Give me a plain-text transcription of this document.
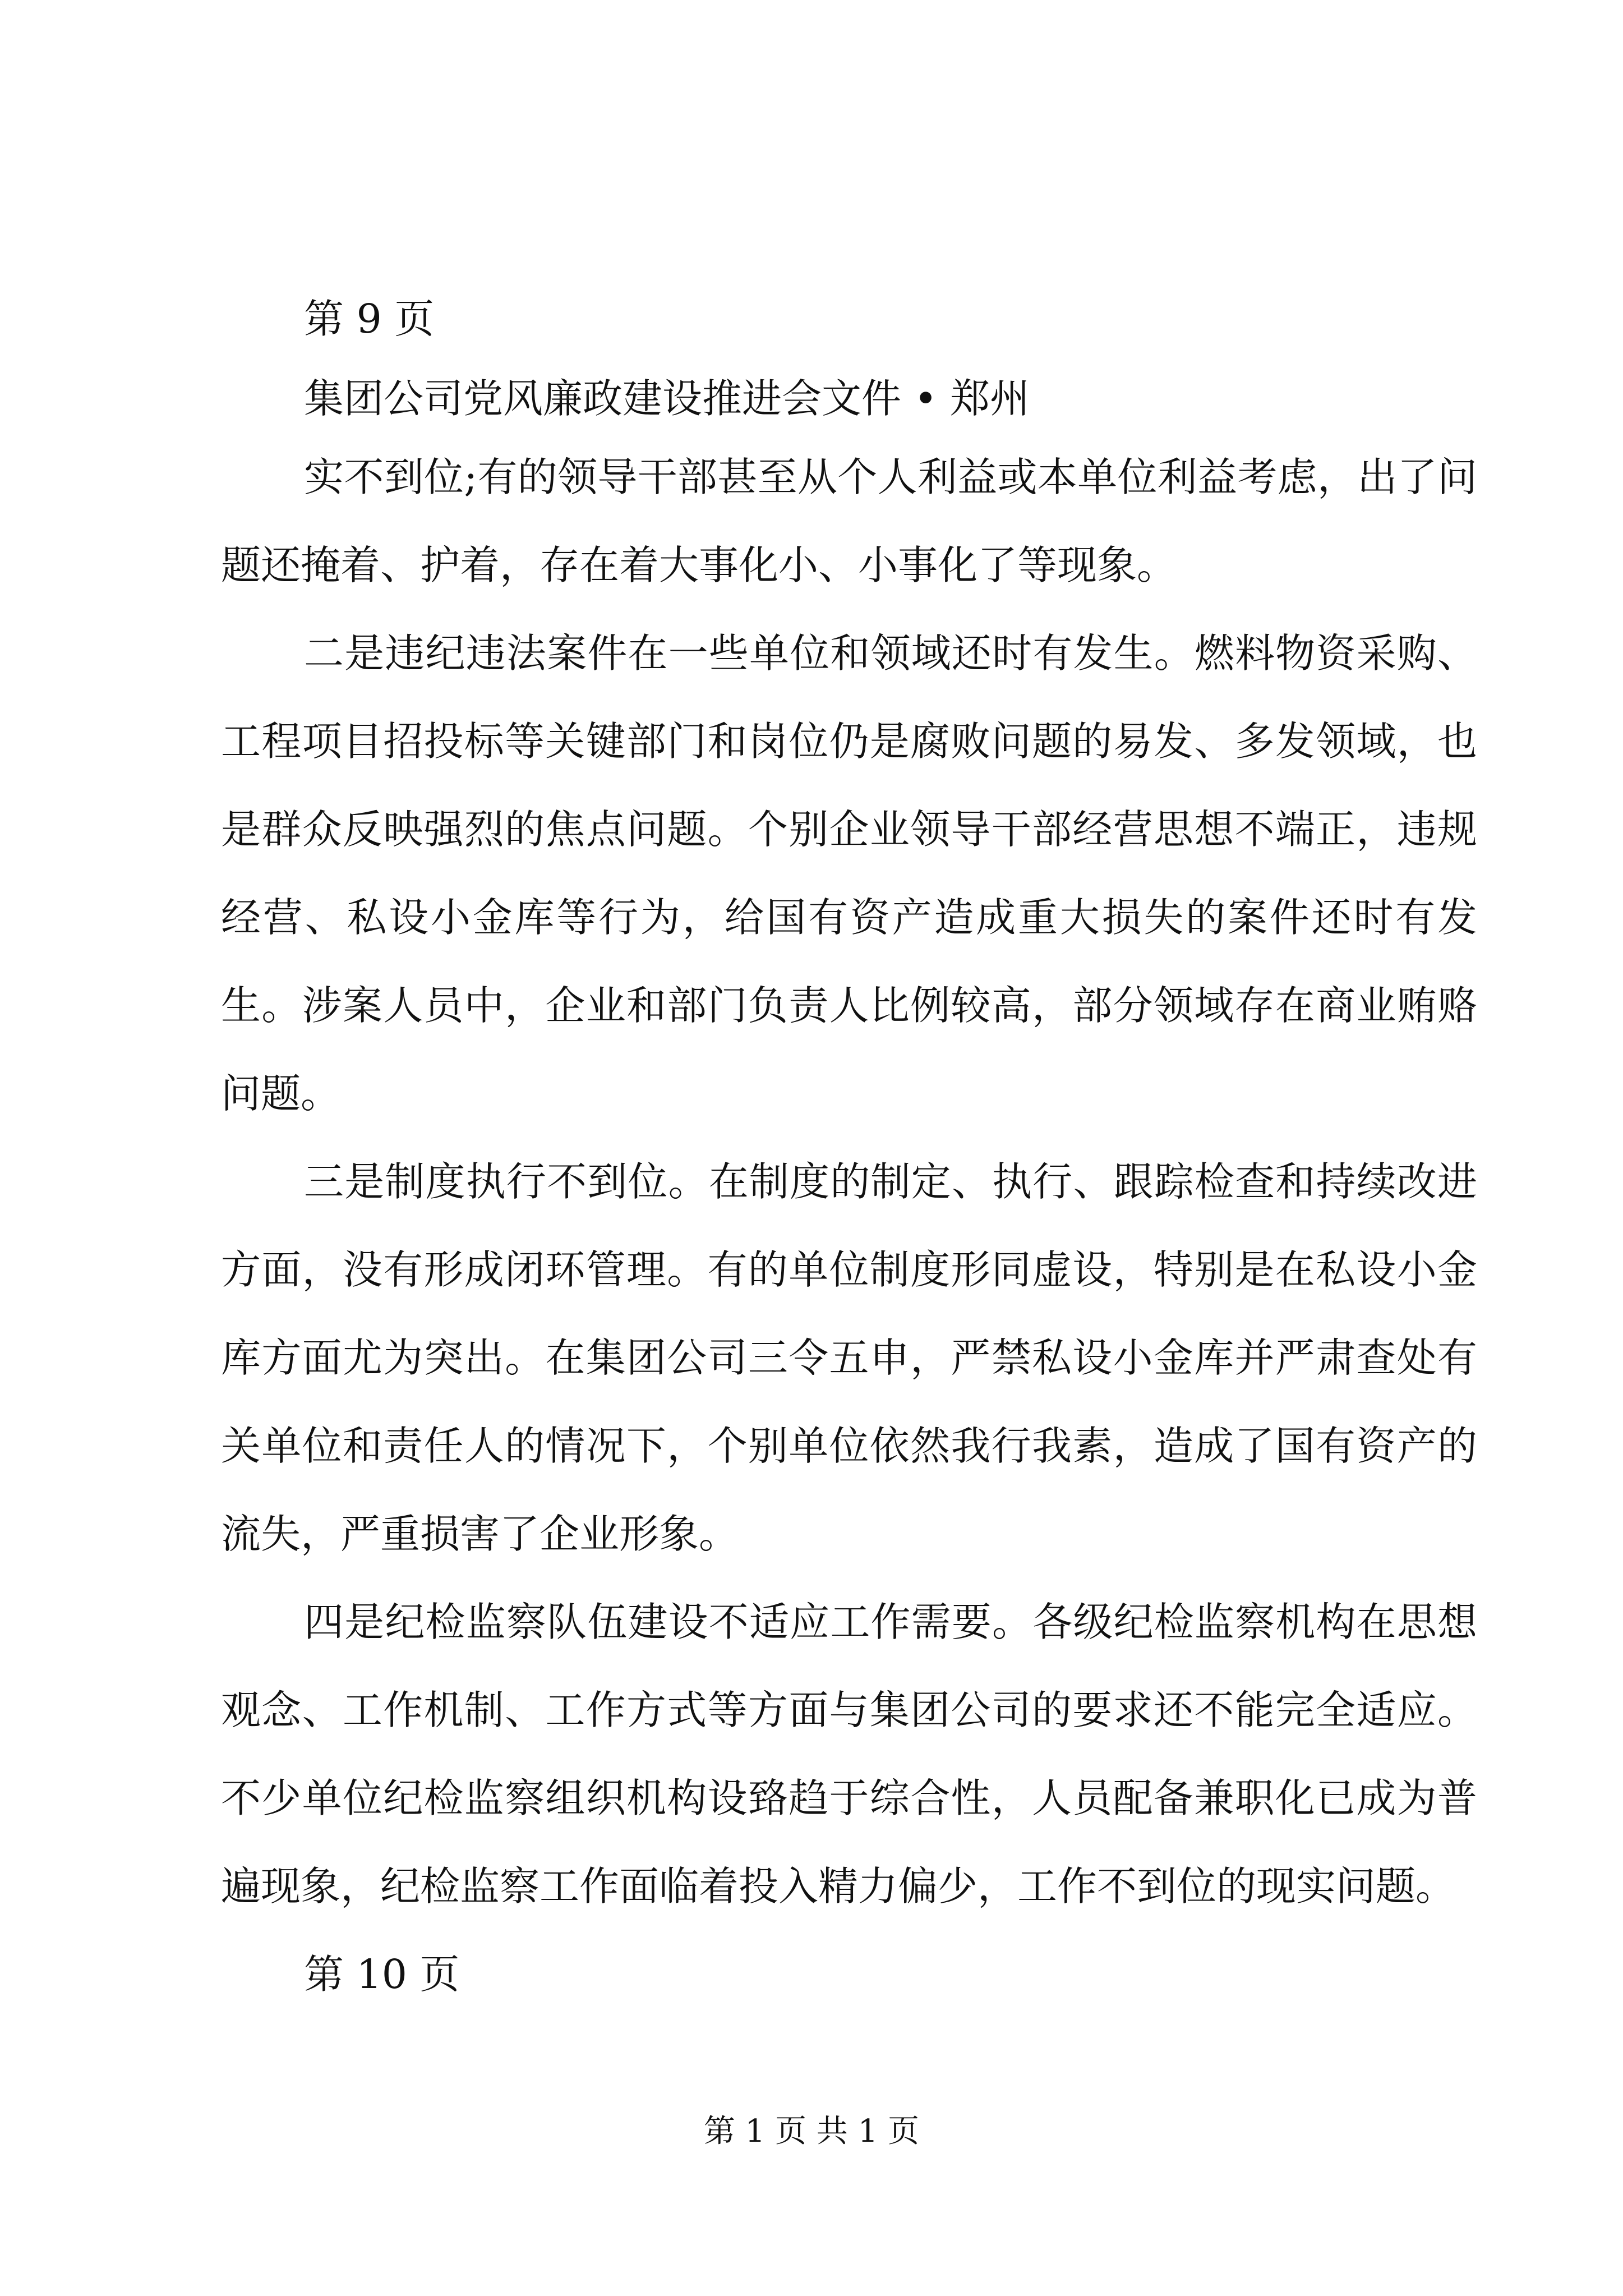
第 9 页
集团公司党风廉政建设推进会文件 • 郑州

实不到位;有的领导干部甚至从个人利益或本单位利益考虑，出了问题还掩着、护着，存在着大事化小、小事化了等现象。

二是违纪违法案件在一些单位和领域还时有发生。燃料物资采购、工程项目招投标等关键部门和岗位仍是腐败问题的易发、多发领域，也是群众反映强烈的焦点问题。个别企业领导干部经营思想不端正，违规经营、私设小金库等行为，给国有资产造成重大损失的案件还时有发生。涉案人员中，企业和部门负责人比例较高，部分领域存在商业贿赂问题。

三是制度执行不到位。在制度的制定、执行、跟踪检查和持续改进方面，没有形成闭环管理。有的单位制度形同虚设，特别是在私设小金库方面尤为突出。在集团公司三令五申，严禁私设小金库并严肃查处有关单位和责任人的情况下，个别单位依然我行我素，造成了国有资产的流失，严重损害了企业形象。

四是纪检监察队伍建设不适应工作需要。各级纪检监察机构在思想观念、工作机制、工作方式等方面与集团公司的要求还不能完全适应。不少单位纪检监察组织机构设臵趋于综合性，人员配备兼职化已成为普遍现象，纪检监察工作面临着投入精力偏少，工作不到位的现实问题。

第 10 页
第 1 页 共 1 页
